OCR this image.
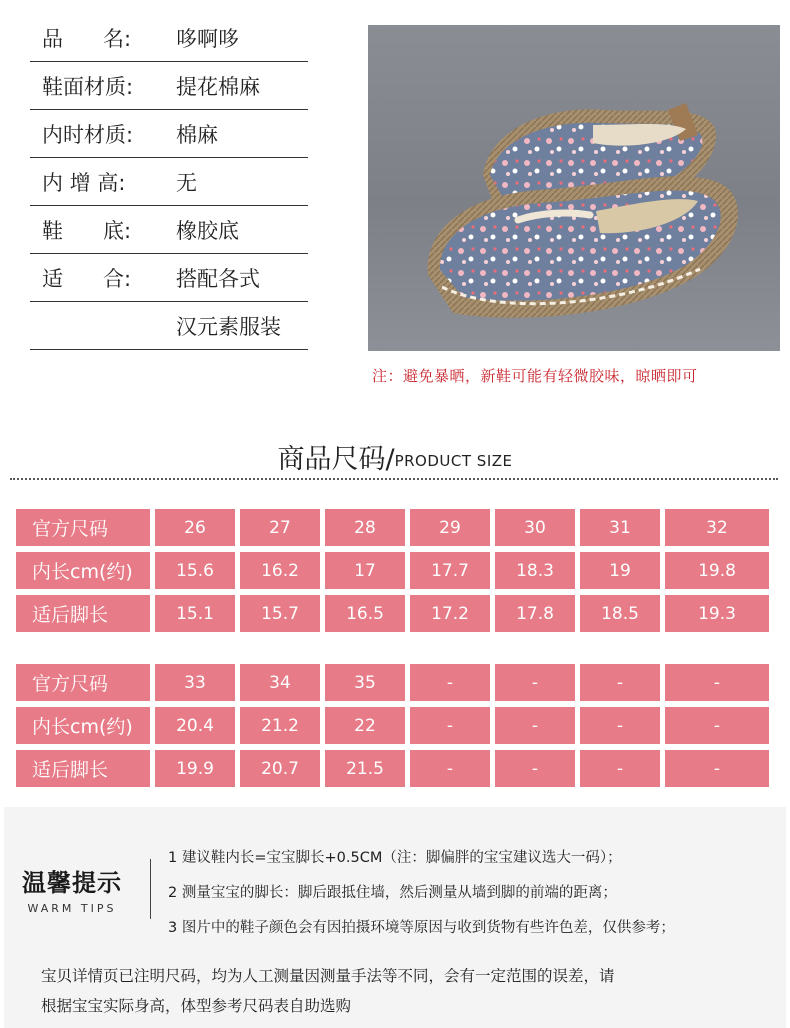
品      名:	哆啊哆
鞋面材质:	提花棉麻
内时材质:	棉麻
内 增 高:	无
鞋      底:	橡胶底
适      合:	搭配各式
汉元素服装
注：避免暴晒，新鞋可能有轻微胶味，晾晒即可
商品尺码/PRODUCT SIZE
官方尺码	26	27	28	29	30	31	32
内长cm(约)	15.6	16.2	17	17.7	18.3	19	19.8
适后脚长	15.1	15.7	16.5	17.2	17.8	18.5	19.3
官方尺码	33	34	35	-	-	-	-
内长cm(约)	20.4	21.2	22	-	-	-	-
适后脚长	19.9	20.7	21.5	-	-	-	-
温馨提示
WARM TIPS
1 建议鞋内长=宝宝脚长+0.5CM（注：脚偏胖的宝宝建议选大一码）；
2 测量宝宝的脚长：脚后跟抵住墙，然后测量从墙到脚的前端的距离；
3 图片中的鞋子颜色会有因拍摄环境等原因与收到货物有些许色差，仅供参考；
宝贝详情页已注明尺码，均为人工测量因测量手法等不同，会有一定范围的误差，请
根据宝宝实际身高，体型参考尺码表自助选购
